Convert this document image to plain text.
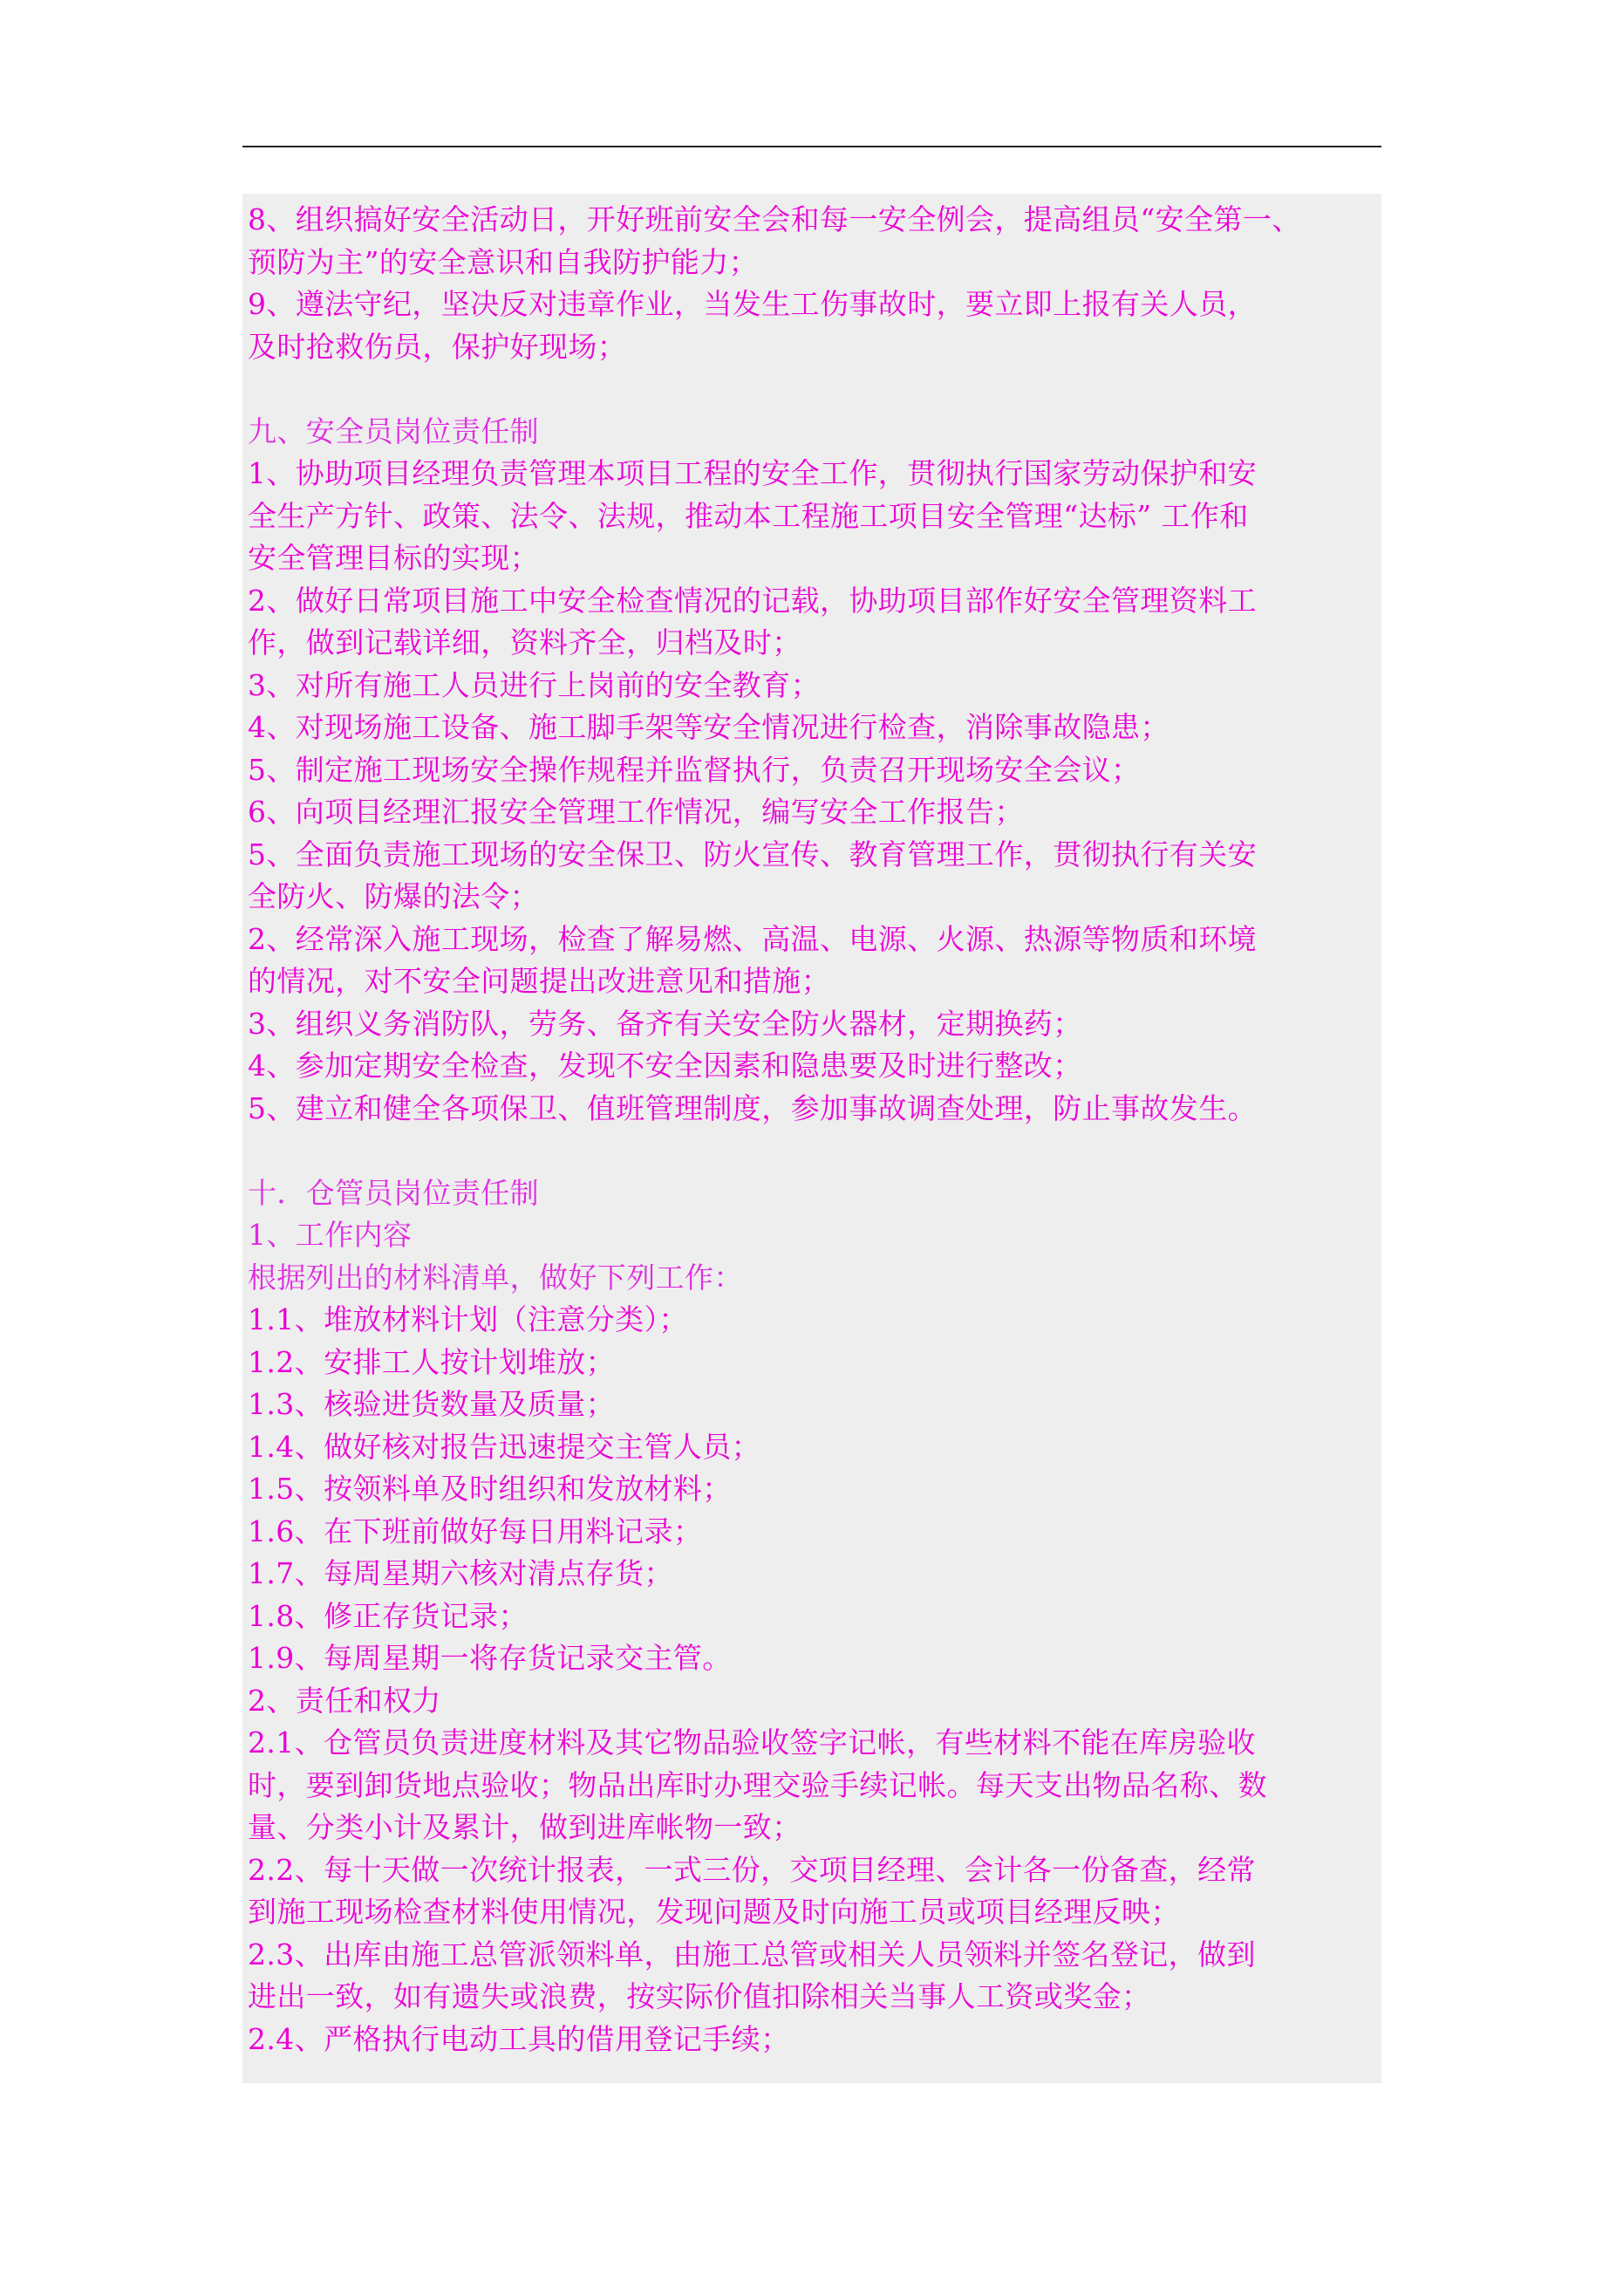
8、组织搞好安全活动日，开好班前安全会和每一安全例会，提高组员“安全第一、
预防为主”的安全意识和自我防护能力；
9、遵法守纪，坚决反对违章作业，当发生工伤事故时，要立即上报有关人员，
及时抢救伤员，保护好现场；
九、安全员岗位责任制
1、协助项目经理负责管理本项目工程的安全工作，贯彻执行国家劳动保护和安
全生产方针、政策、法令、法规，推动本工程施工项目安全管理“达标” 工作和
安全管理目标的实现；
2、做好日常项目施工中安全检查情况的记载，协助项目部作好安全管理资料工
作，做到记载详细，资料齐全，归档及时；
3、对所有施工人员进行上岗前的安全教育；
4、对现场施工设备、施工脚手架等安全情况进行检查，消除事故隐患；
5、制定施工现场安全操作规程并监督执行，负责召开现场安全会议；
6、向项目经理汇报安全管理工作情况，编写安全工作报告；
5、全面负责施工现场的安全保卫、防火宣传、教育管理工作，贯彻执行有关安
全防火、防爆的法令；
2、经常深入施工现场，检查了解易燃、高温、电源、火源、热源等物质和环境
的情况，对不安全问题提出改进意见和措施；
3、组织义务消防队，劳务、备齐有关安全防火器材，定期换药；
4、参加定期安全检查，发现不安全因素和隐患要及时进行整改；
5、建立和健全各项保卫、值班管理制度，参加事故调查处理，防止事故发生。
十．仓管员岗位责任制
1、工作内容
根据列出的材料清单，做好下列工作：
1.1、堆放材料计划（注意分类）；
1.2、安排工人按计划堆放；
1.3、核验进货数量及质量；
1.4、做好核对报告迅速提交主管人员；
1.5、按领料单及时组织和发放材料；
1.6、在下班前做好每日用料记录；
1.7、每周星期六核对清点存货；
1.8、修正存货记录；
1.9、每周星期一将存货记录交主管。
2、责任和权力
2.1、仓管员负责进度材料及其它物品验收签字记帐，有些材料不能在库房验收
时，要到卸货地点验收；物品出库时办理交验手续记帐。每天支出物品名称、数
量、分类小计及累计，做到进库帐物一致；
2.2、每十天做一次统计报表，一式三份，交项目经理、会计各一份备查，经常
到施工现场检查材料使用情况，发现问题及时向施工员或项目经理反映；
2.3、出库由施工总管派领料单，由施工总管或相关人员领料并签名登记，做到
进出一致，如有遗失或浪费，按实际价值扣除相关当事人工资或奖金；
2.4、严格执行电动工具的借用登记手续；
